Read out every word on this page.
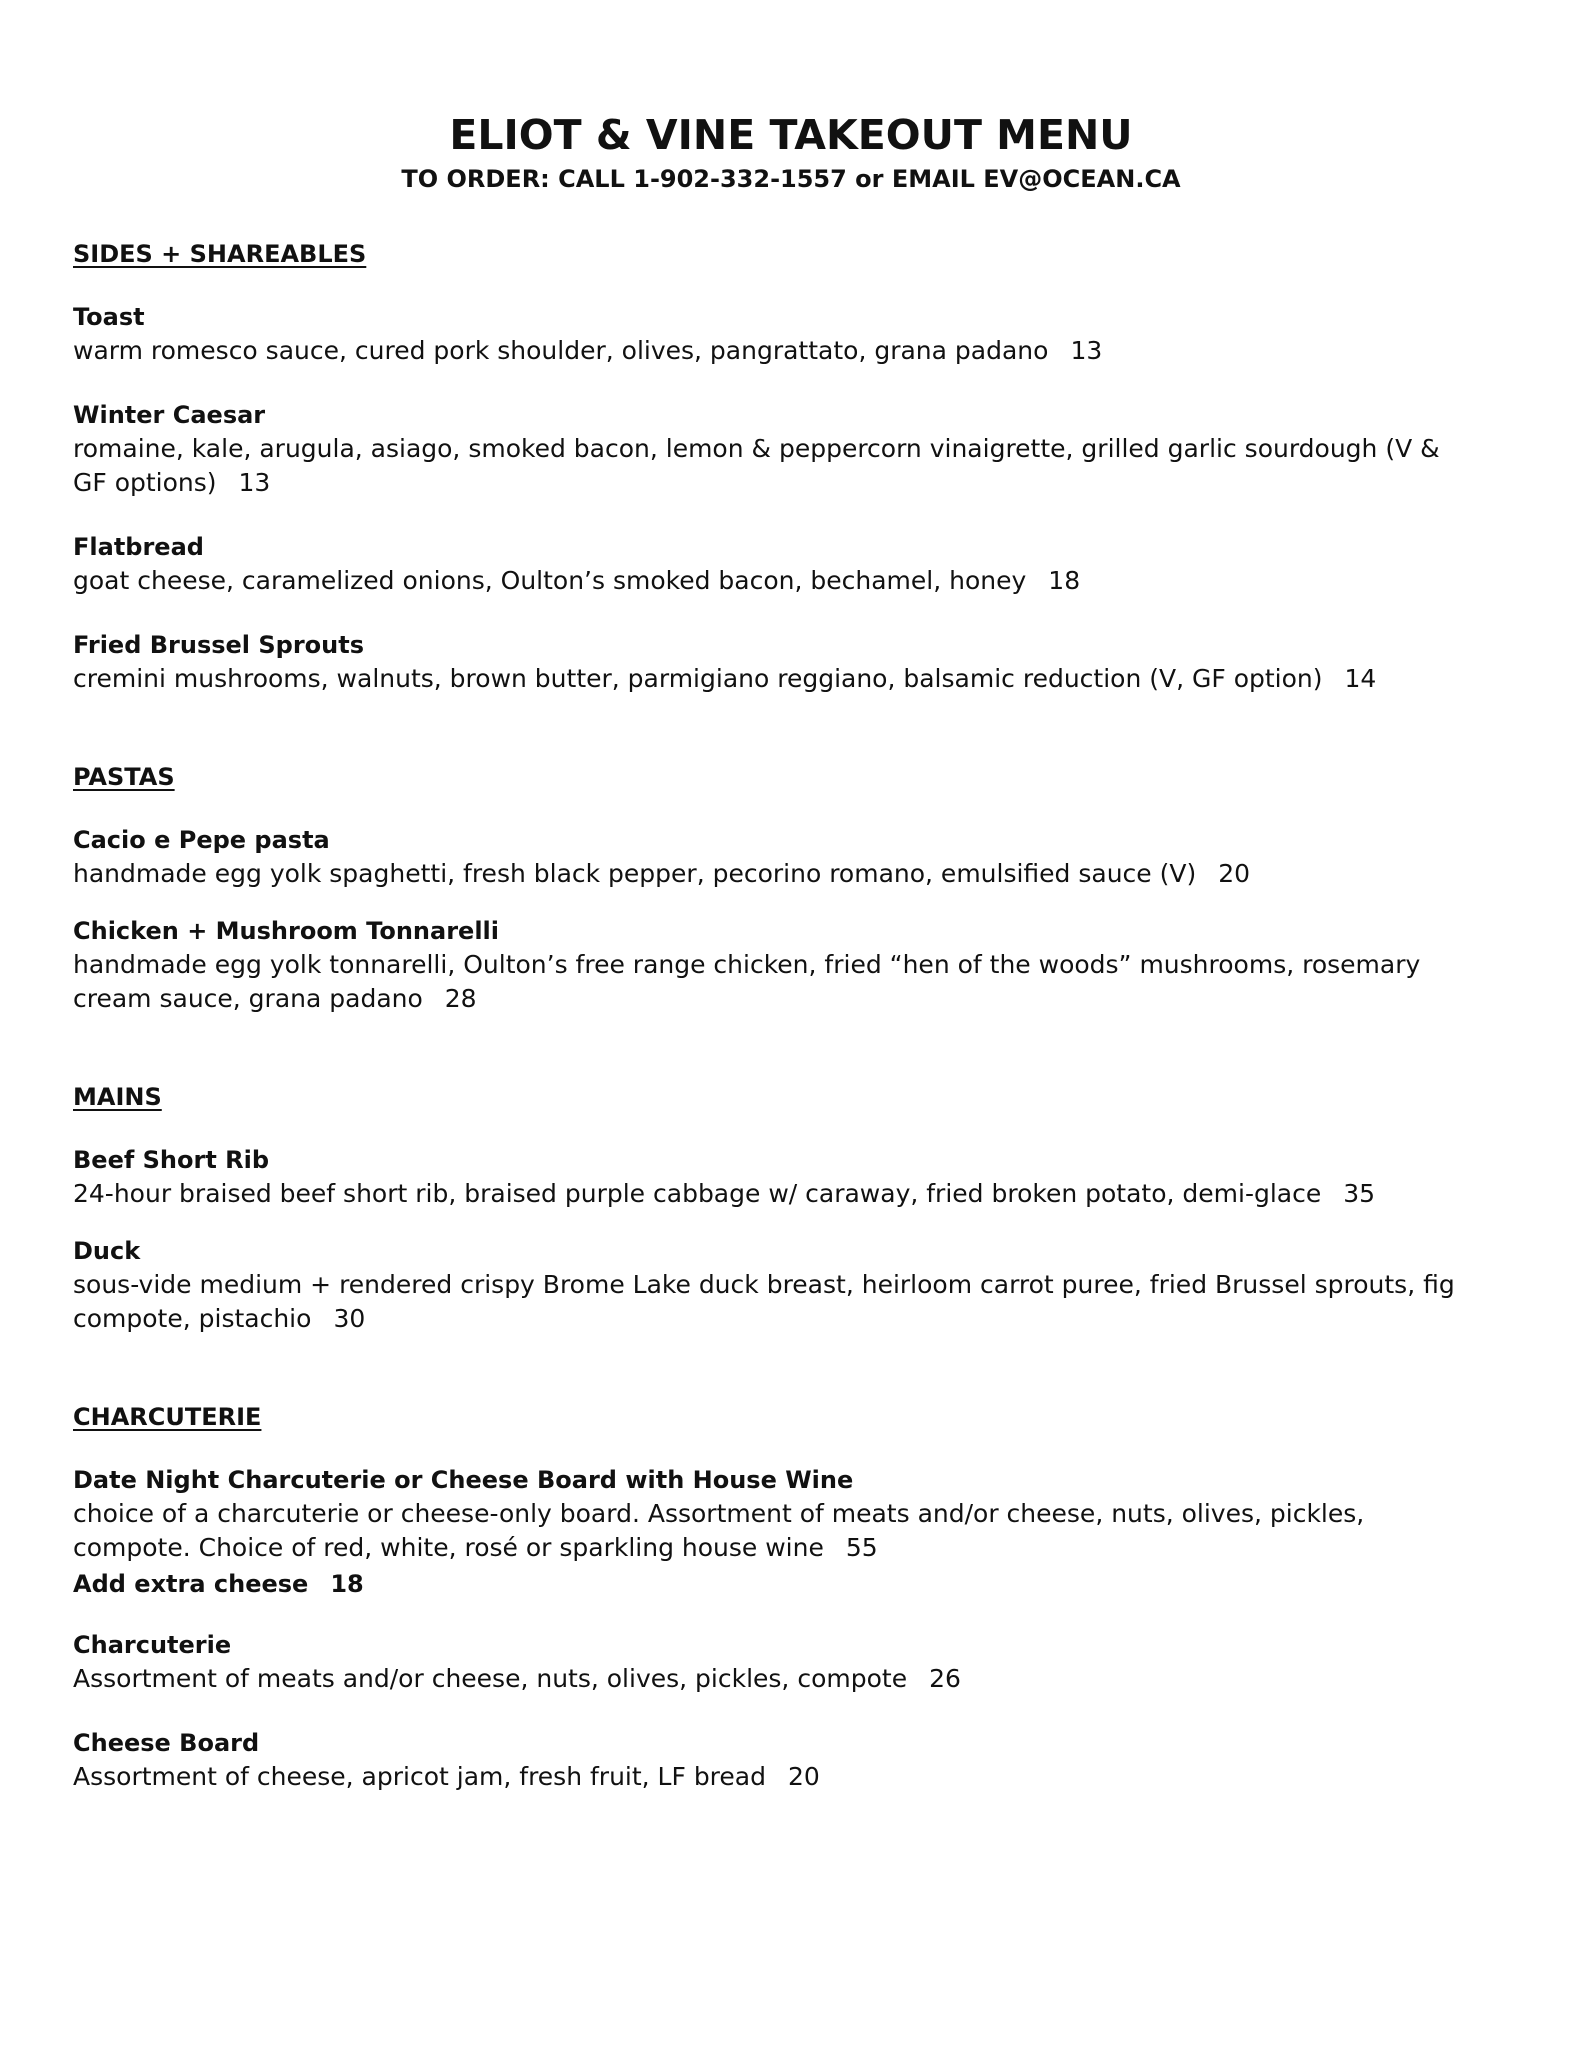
ELIOT & VINE TAKEOUT MENU
TO ORDER: CALL 1-902-332-1557 or EMAIL EV@OCEAN.CA
SIDES + SHAREABLES
Toast
warm romesco sauce, cured pork shoulder, olives, pangrattato, grana padano 13
Winter Caesar
romaine, kale, arugula, asiago, smoked bacon, lemon & peppercorn vinaigrette, grilled garlic sourdough (V & GF options) 13
Flatbread
goat cheese, caramelized onions, Oulton’s smoked bacon, bechamel, honey 18
Fried Brussel Sprouts
cremini mushrooms, walnuts, brown butter, parmigiano reggiano, balsamic reduction (V, GF option) 14
PASTAS
Cacio e Pepe pasta
handmade egg yolk spaghetti, fresh black pepper, pecorino romano, emulsified sauce (V) 20
Chicken + Mushroom Tonnarelli
handmade egg yolk tonnarelli, Oulton’s free range chicken, fried “hen of the woods” mushrooms, rosemary cream sauce, grana padano 28
MAINS
Beef Short Rib
24-hour braised beef short rib, braised purple cabbage w/ caraway, fried broken potato, demi-glace 35
Duck
sous-vide medium + rendered crispy Brome Lake duck breast, heirloom carrot puree, fried Brussel sprouts, fig compote, pistachio 30
CHARCUTERIE
Date Night Charcuterie or Cheese Board with House Wine
choice of a charcuterie or cheese-only board. Assortment of meats and/or cheese, nuts, olives, pickles, compote. Choice of red, white, rosé or sparkling house wine 55
Add extra cheese 18
Charcuterie
Assortment of meats and/or cheese, nuts, olives, pickles, compote 26
Cheese Board
Assortment of cheese, apricot jam, fresh fruit, LF bread 20
